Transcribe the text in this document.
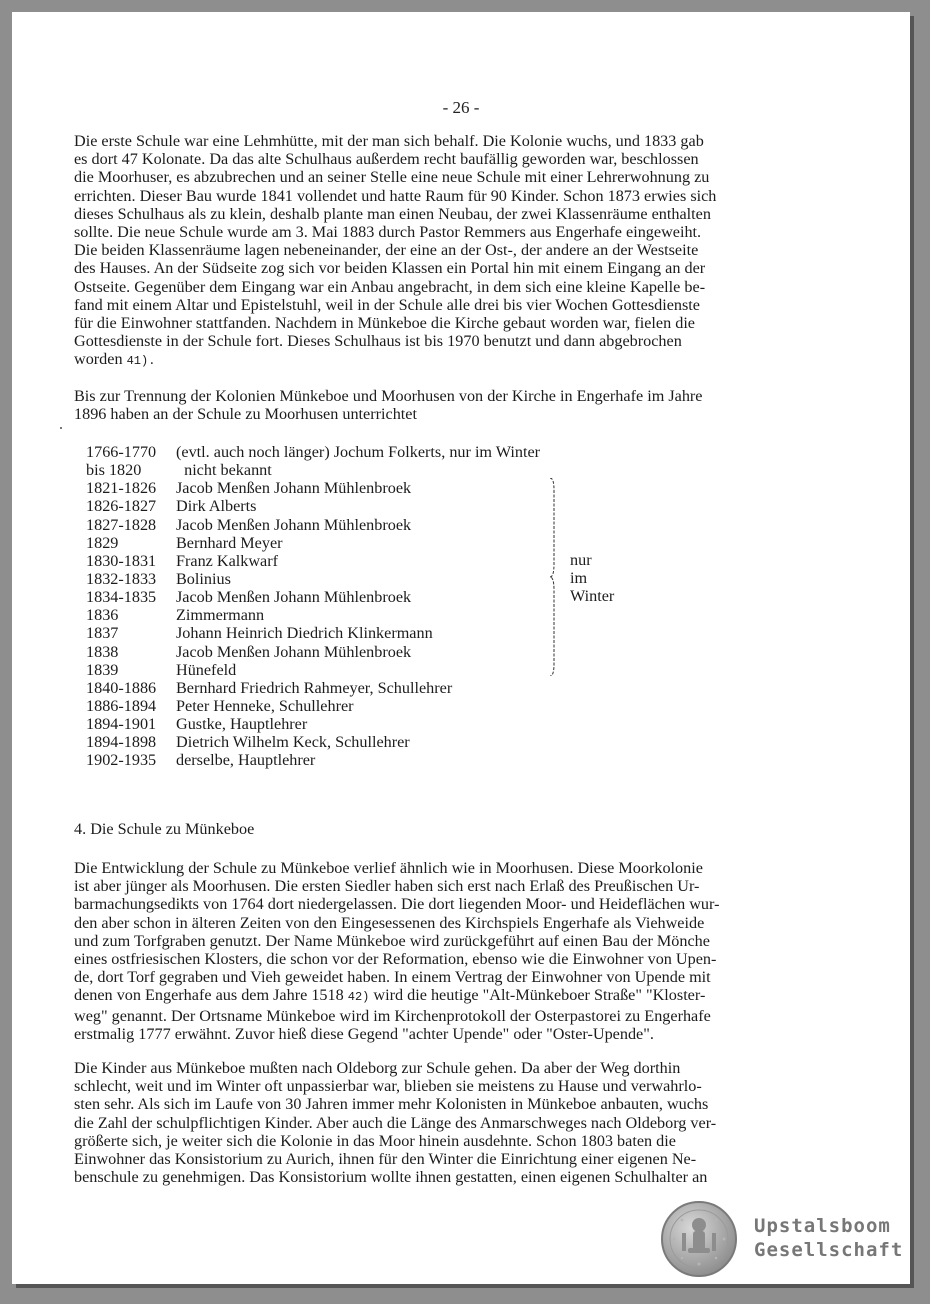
- 26 -
Die erste Schule war eine Lehmhütte, mit der man sich behalf. Die Kolonie wuchs, und 1833 gab
es dort 47 Kolonate. Da das alte Schulhaus außerdem recht baufällig geworden war, beschlossen
die Moorhuser, es abzubrechen und an seiner Stelle eine neue Schule mit einer Lehrerwohnung zu
errichten. Dieser Bau wurde 1841 vollendet und hatte Raum für 90 Kinder. Schon 1873 erwies sich
dieses Schulhaus als zu klein, deshalb plante man einen Neubau, der zwei Klassenräume enthalten
sollte. Die neue Schule wurde am 3. Mai 1883 durch Pastor Remmers aus Engerhafe eingeweiht.
Die beiden Klassenräume lagen nebeneinander, der eine an der Ost-, der andere an der Westseite
des Hauses. An der Südseite zog sich vor beiden Klassen ein Portal hin mit einem Eingang an der
Ostseite. Gegenüber dem Eingang war ein Anbau angebracht, in dem sich eine kleine Kapelle be-
fand mit einem Altar und Epistelstuhl, weil in der Schule alle drei bis vier Wochen Gottesdienste
für die Einwohner stattfanden. Nachdem in Münkeboe die Kirche gebaut worden war, fielen die
Gottesdienste in der Schule fort. Dieses Schulhaus ist bis 1970 benutzt und dann abgebrochen
worden 41).
Bis zur Trennung der Kolonien Münkeboe und Moorhusen von der Kirche in Engerhafe im Jahre
1896 haben an der Schule zu Moorhusen unterrichtet
1766-1770	(evtl. auch noch länger) Jochum Folkerts, nur im Winter
bis 1820	nicht bekannt
1821-1826	Jacob Menßen Johann Mühlenbroek
1826-1827	Dirk Alberts
1827-1828	Jacob Menßen Johann Mühlenbroek
1829	Bernhard Meyer
1830-1831	Franz Kalkwarf
1832-1833	Bolinius
1834-1835	Jacob Menßen Johann Mühlenbroek
1836	Zimmermann
1837	Johann Heinrich Diedrich Klinkermann
1838	Jacob Menßen Johann Mühlenbroek
1839	Hünefeld
1840-1886	Bernhard Friedrich Rahmeyer, Schullehrer
1886-1894	Peter Henneke, Schullehrer
1894-1901	Gustke, Hauptlehrer
1894-1898	Dietrich Wilhelm Keck, Schullehrer
1902-1935	derselbe, Hauptlehrer
nur
im
Winter
4. Die Schule zu Münkeboe
Die Entwicklung der Schule zu Münkeboe verlief ähnlich wie in Moorhusen. Diese Moorkolonie
ist aber jünger als Moorhusen. Die ersten Siedler haben sich erst nach Erlaß des Preußischen Ur-
barmachungsedikts von 1764 dort niedergelassen. Die dort liegenden Moor- und Heideflächen wur-
den aber schon in älteren Zeiten von den Eingesessenen des Kirchspiels Engerhafe als Viehweide
und zum Torfgraben genutzt. Der Name Münkeboe wird zurückgeführt auf einen Bau der Mönche
eines ostfriesischen Klosters, die schon vor der Reformation, ebenso wie die Einwohner von Upen-
de, dort Torf gegraben und Vieh geweidet haben. In einem Vertrag der Einwohner von Upende mit
denen von Engerhafe aus dem Jahre 1518 42) wird die heutige "Alt-Münkeboer Straße" "Kloster-
weg" genannt. Der Ortsname Münkeboe wird im Kirchenprotokoll der Osterpastorei zu Engerhafe
erstmalig 1777 erwähnt. Zuvor hieß diese Gegend "achter Upende" oder "Oster-Upende".
Die Kinder aus Münkeboe mußten nach Oldeborg zur Schule gehen. Da aber der Weg dorthin
schlecht, weit und im Winter oft unpassierbar war, blieben sie meistens zu Hause und verwahrlo-
sten sehr. Als sich im Laufe von 30 Jahren immer mehr Kolonisten in Münkeboe anbauten, wuchs
die Zahl der schulpflichtigen Kinder. Aber auch die Länge des Anmarschweges nach Oldeborg ver-
größerte sich, je weiter sich die Kolonie in das Moor hinein ausdehnte. Schon 1803 baten die
Einwohner das Konsistorium zu Aurich, ihnen für den Winter die Einrichtung einer eigenen Ne-
benschule zu genehmigen. Das Konsistorium wollte ihnen gestatten, einen eigenen Schulhalter an
Upstalsboom
Gesellschaft
